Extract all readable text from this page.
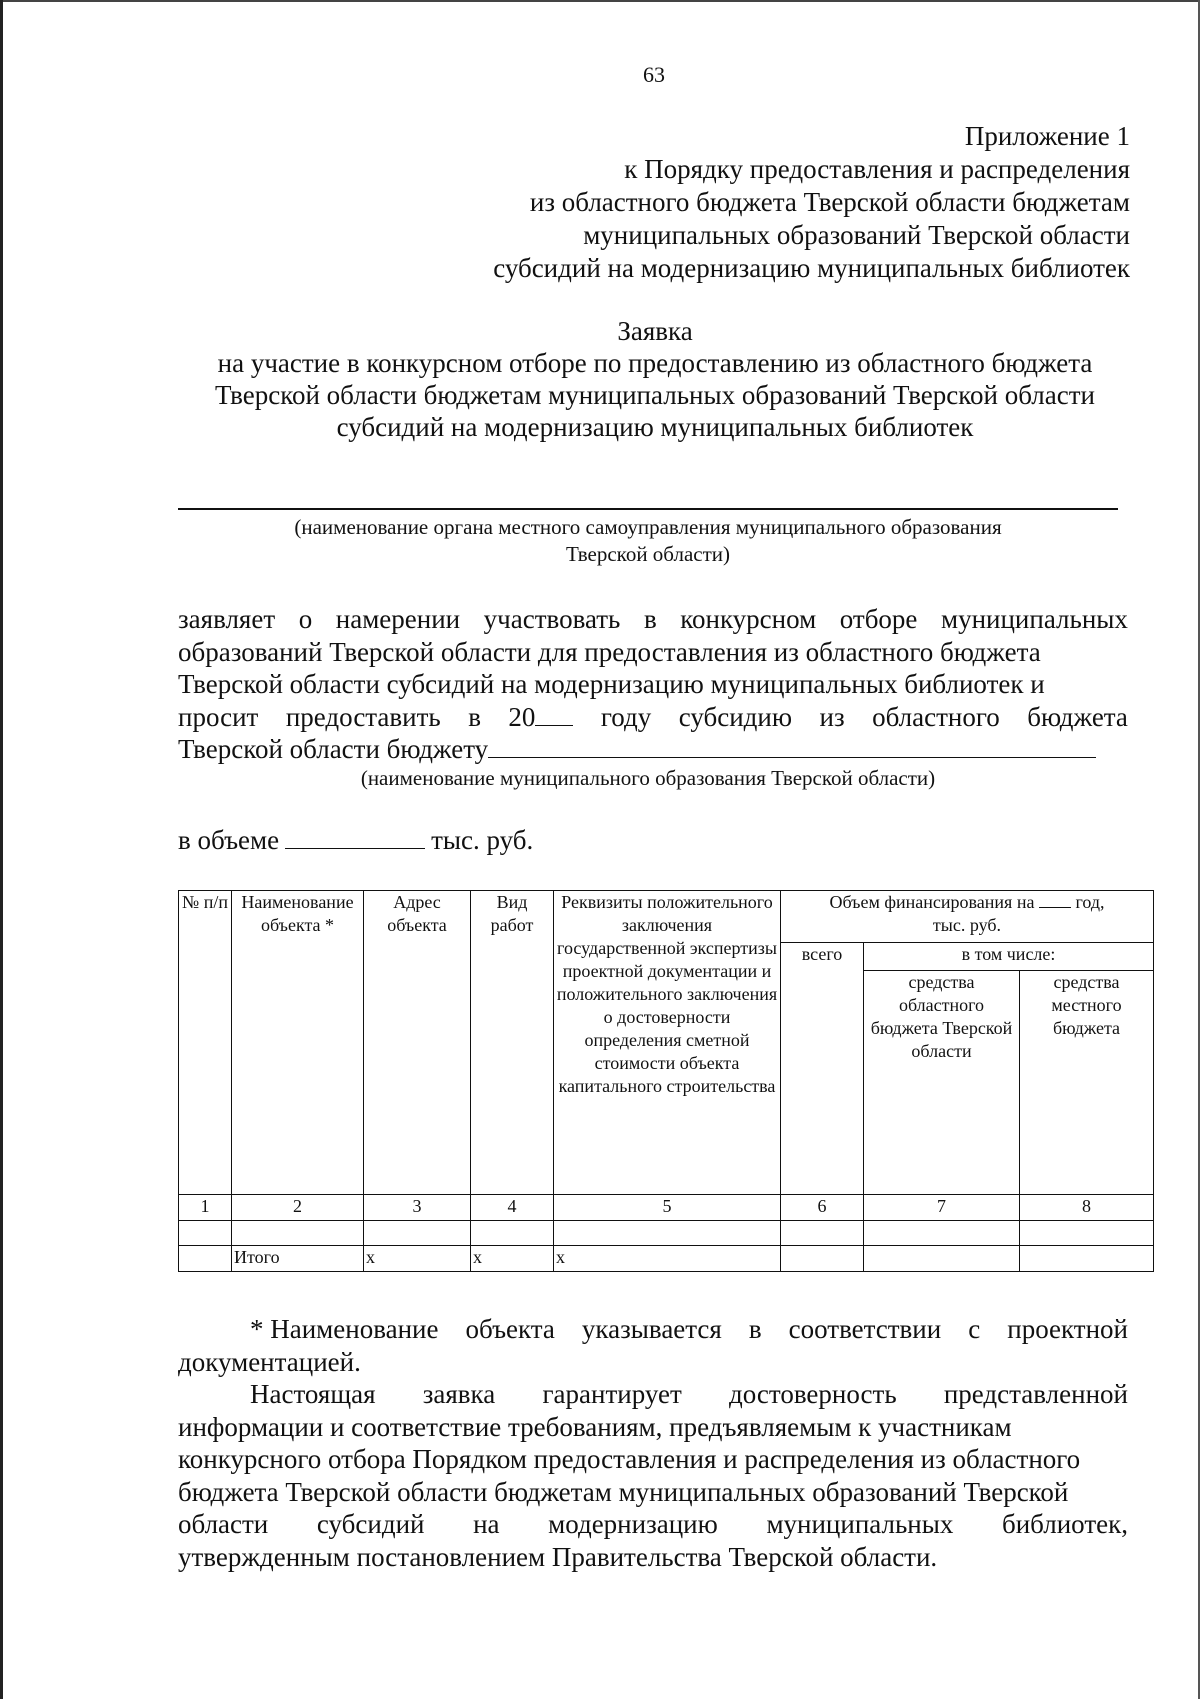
63
Приложение 1
к Порядку предоставления и распределения
из областного бюджета Тверской области бюджетам
муниципальных образований Тверской области
субсидий на модернизацию муниципальных библиотек
Заявка
на участие в конкурсном отборе по предоставлению из областного бюджета
Тверской области бюджетам муниципальных образований Тверской области
субсидий на модернизацию муниципальных библиотек
(наименование органа местного самоуправления муниципального образования
Тверской области)
заявляет о намерении участвовать в конкурсном отборе муниципальных
образований Тверской области для предоставления из областного бюджета
Тверской области субсидий на модернизацию муниципальных библиотек и
просит предоставить в 20	году субсидию из областного бюджета
Тверской области бюджету
(наименование муниципального образования Тверской области)
в объеме	тыс. руб.
№ п/п	Наименование объекта *	Адрес объекта	Вид работ	Реквизиты положительного заключения государственной экспертизы проектной документации и положительного заключения о достоверности определения сметной стоимости объекта капитального строительства	Объем финансирования на год,
тыс. руб.		
					всего	в том числе:	
						средства областного бюджета Тверской области	средства местного бюджета
1	2	3	4	5	6	7	8

	Итого	x	x	x			
* Наименование объекта указывается в соответствии с проектной
документацией.
Настоящая заявка гарантирует достоверность представленной
информации и соответствие требованиям, предъявляемым к участникам
конкурсного отбора Порядком предоставления и распределения из областного
бюджета Тверской области бюджетам муниципальных образований Тверской
области субсидий на модернизацию муниципальных библиотек,
утвержденным постановлением Правительства Тверской области.
